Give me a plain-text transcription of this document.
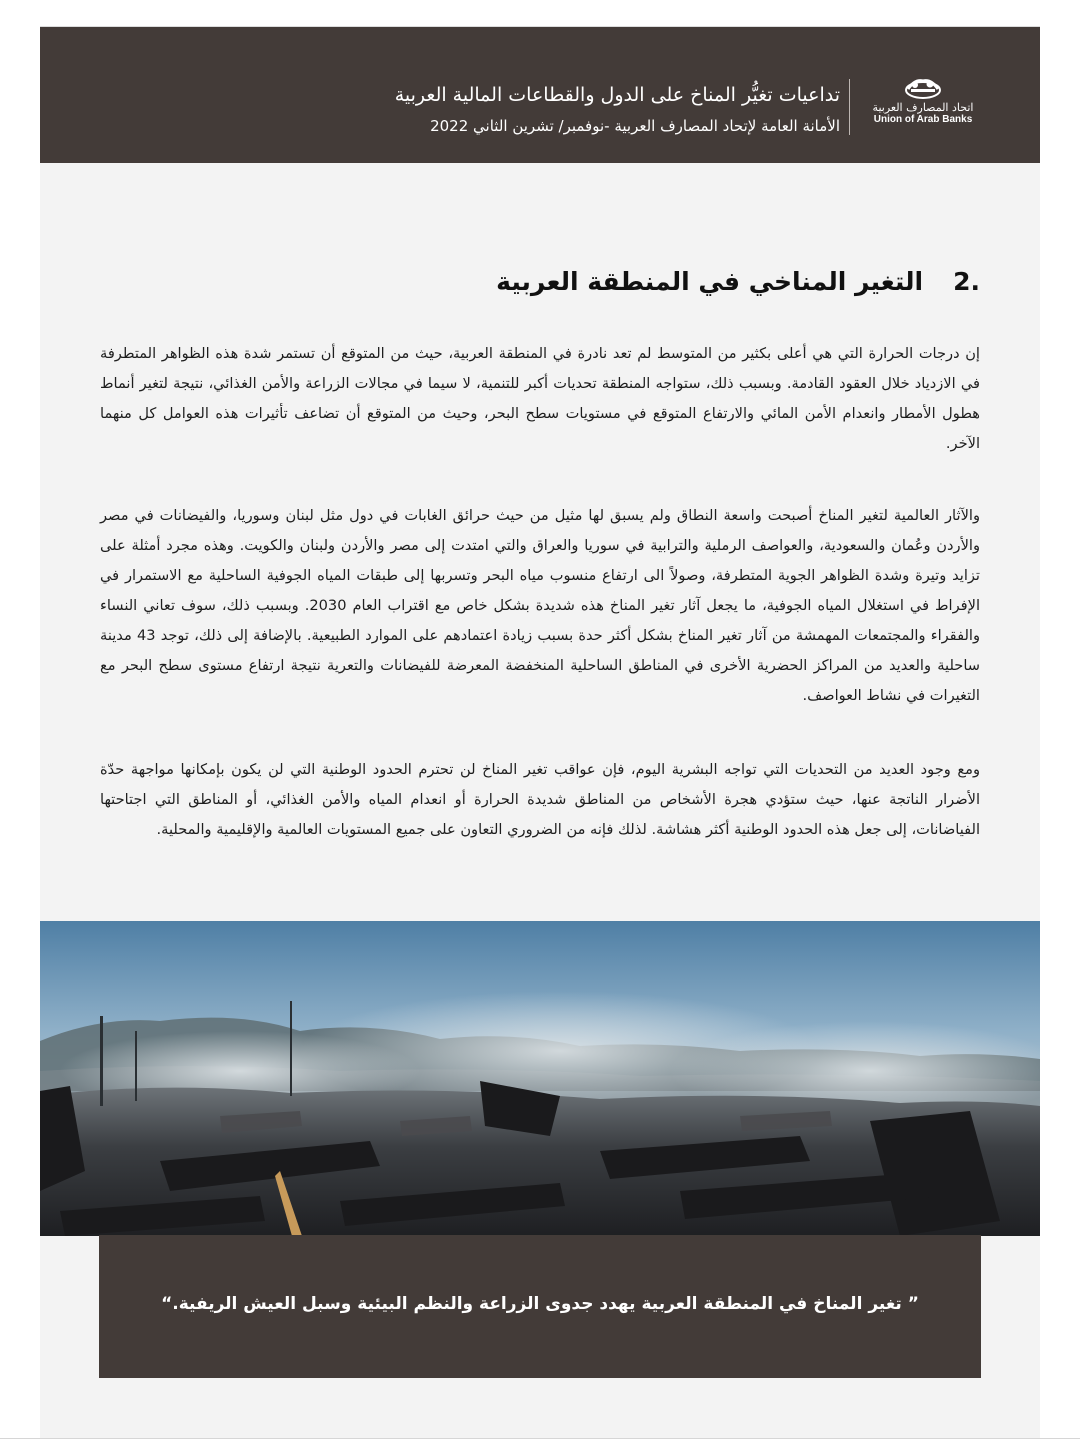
اتحاد المصارف العربية
Union of Arab Banks
تداعيات تغيُّر المناخ على الدول والقطاعات المالية العربية
الأمانة العامة لإتحاد المصارف العربية -نوفمبر/ تشرين الثاني 2022
2.التغير المناخي في المنطقة العربية

إن درجات الحرارة التي هي أعلى بكثير من المتوسط لم تعد نادرة في المنطقة العربية، حيث من المتوقع أن تستمر شدة هذه الظواهر المتطرفة في الازدياد خلال العقود القادمة. وبسبب ذلك، ستواجه المنطقة تحديات أكبر للتنمية، لا سيما في مجالات الزراعة والأمن الغذائي، نتيجة لتغير أنماط هطول الأمطار وانعدام الأمن المائي والارتفاع المتوقع في مستويات سطح البحر، وحيث من المتوقع أن تضاعف تأثيرات هذه العوامل كل منهما الآخر.

والآثار العالمية لتغير المناخ أصبحت واسعة النطاق ولم يسبق لها مثيل من حيث حرائق الغابات في دول مثل لبنان وسوريا، والفيضانات في مصر والأردن وعُمان والسعودية، والعواصف الرملية والترابية في سوريا والعراق والتي امتدت إلى مصر والأردن ولبنان والكويت. وهذه مجرد أمثلة على تزايد وتيرة وشدة الظواهر الجوية المتطرفة، وصولاً الى ارتفاع منسوب مياه البحر وتسربها إلى طبقات المياه الجوفية الساحلية مع الاستمرار في الإفراط في استغلال المياه الجوفية، ما يجعل آثار تغير المناخ هذه شديدة بشكل خاص مع اقتراب العام 2030. وبسبب ذلك، سوف تعاني النساء والفقراء والمجتمعات المهمشة من آثار تغير المناخ بشكل أكثر حدة بسبب زيادة اعتمادهم على الموارد الطبيعية. بالإضافة إلى ذلك، توجد 43 مدينة ساحلية والعديد من المراكز الحضرية الأخرى في المناطق الساحلية المنخفضة المعرضة للفيضانات والتعرية نتيجة ارتفاع مستوى سطح البحر مع التغيرات في نشاط العواصف.

ومع وجود العديد من التحديات التي تواجه البشرية اليوم، فإن عواقب تغير المناخ لن تحترم الحدود الوطنية التي لن يكون بإمكانها مواجهة حدّة الأضرار الناتجة عنها، حيث ستؤدي هجرة الأشخاص من المناطق شديدة الحرارة أو انعدام المياه والأمن الغذائي، أو المناطق التي اجتاحتها الفياضانات، إلى جعل هذه الحدود الوطنية أكثر هشاشة. لذلك فإنه من الضروري التعاون على جميع المستويات العالمية والإقليمية والمحلية.

” تغير المناخ في المنطقة العربية يهدد جدوى الزراعة والنظم البيئية وسبل العيش الريفية.“
